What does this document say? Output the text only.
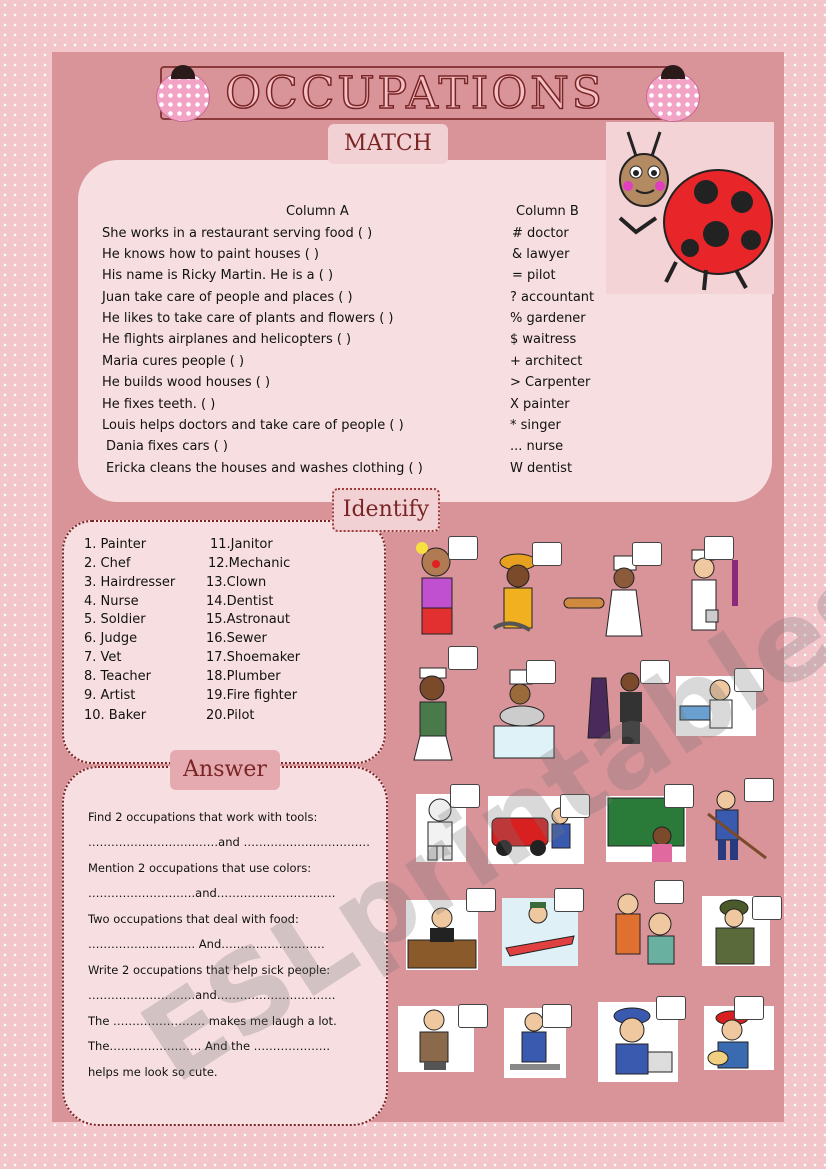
OCCUPATIONS
MATCH
Column A	Column B
She works in a restaurant serving food ( )
He knows how to paint houses ( )
His name is Ricky Martin. He is a ( )
Juan take care of people and places ( )
He likes to take care of plants and flowers ( )
He flights airplanes and helicopters ( )
Maria cures people ( )
He builds wood houses ( )
He fixes teeth. ( )
Louis helps doctors and take care of people ( )
Dania fixes cars ( )
Ericka cleans the houses and washes clothing ( )
# doctor
& lawyer
= pilot
? accountant
% gardener
$ waitress
+ architect
> Carpenter
X painter
* singer
... nurse
W dentist
Identify
1. Painter
2. Chef
3. Hairdresser
4. Nurse
5. Soldier
6. Judge
7. Vet
8. Teacher
9. Artist
10. Baker
11.Janitor
12.Mechanic
13.Clown
14.Dentist
15.Astronaut
16.Sewer
17.Shoemaker
18.Plumber
19.Fire fighter
20.Pilot
Answer
Find 2 occupations that work with tools:
……………………….……and ……………………………
Mention 2 occupations that use colors:
……………………….and………………………….
Two occupations that deal with food:
………………………. And………………………
Write 2 occupations that help sick people:
……………………….and………………………….
The …………………… makes me laugh a lot.
The…………………… And the ………………..
helps me look so cute.
